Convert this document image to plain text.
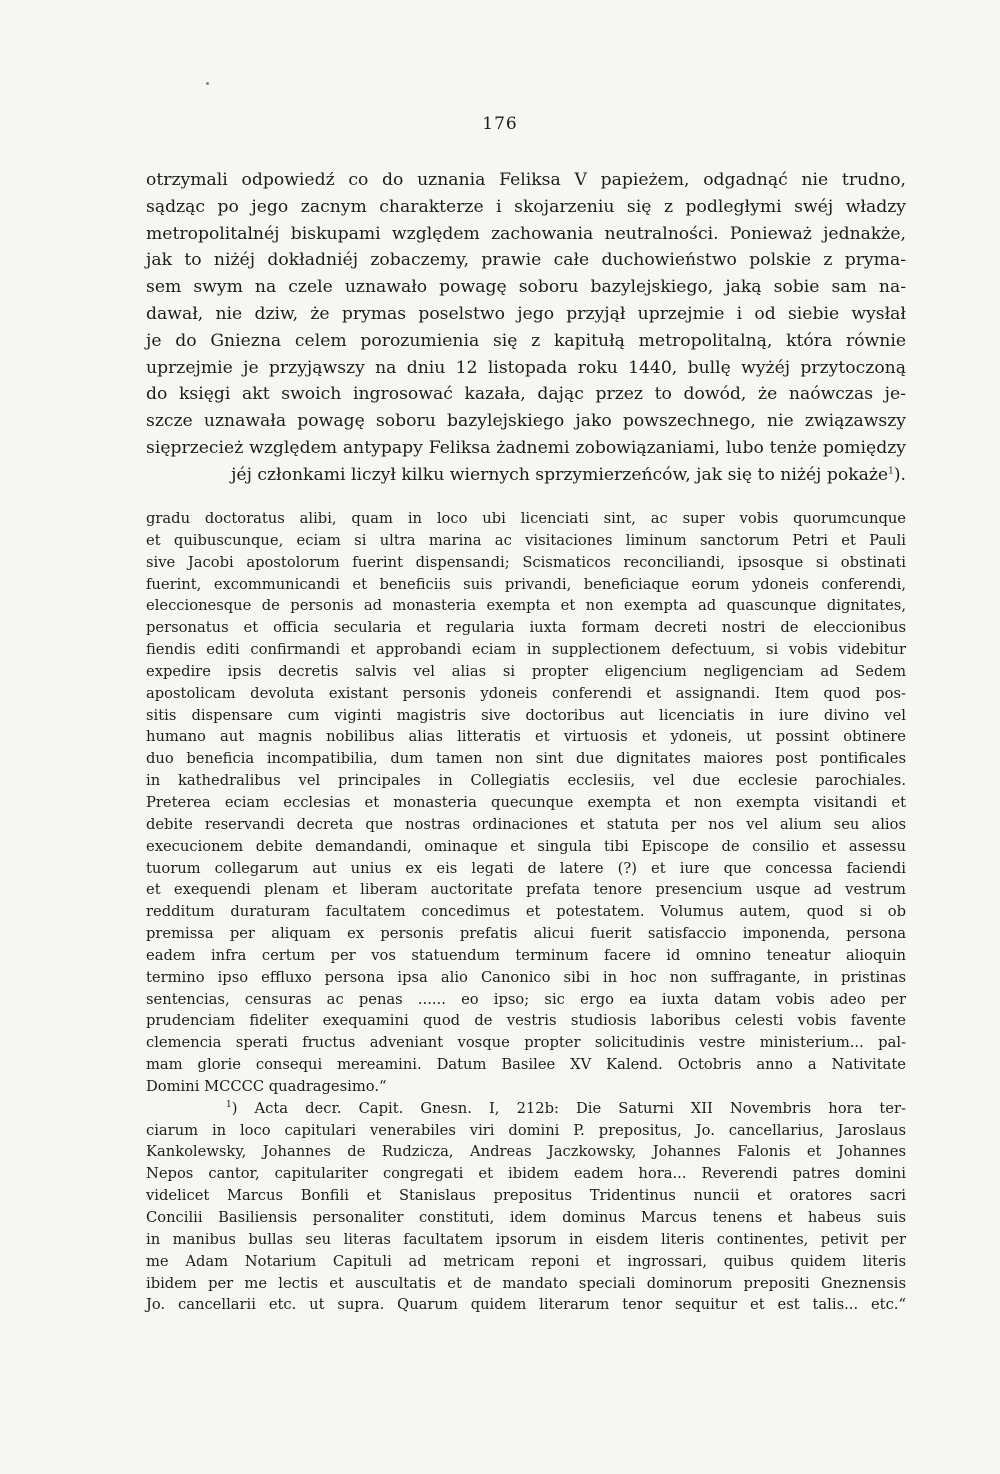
176
otrzymali odpowiedź co do uznania Feliksa V papieżem, odgadnąć nie trudno,
sądząc po jego zacnym charakterze i skojarzeniu się z podległymi swéj władzy
metropolitalnéj biskupami względem zachowania neutralności. Ponieważ jednakże,
jak to niżéj dokładniéj zobaczemy, prawie całe duchowieństwo polskie z pryma-
sem swym na czele uznawało powagę soboru bazylejskiego, jaką sobie sam na-
dawał, nie dziw, że prymas poselstwo jego przyjął uprzejmie i od siebie wysłał
je do Gniezna celem porozumienia się z kapitułą metropolitalną, która równie
uprzejmie je przyjąwszy na dniu 12 listopada roku 1440, bullę wyżéj przytoczoną
do księgi akt swoich ingrosować kazała, dając przez to dowód, że naówczas je-
szcze uznawała powagę soboru bazylejskiego jako powszechnego, nie związawszy
sięprzecież względem antypapy Feliksa żadnemi zobowiązaniami, lubo tenże pomiędzy
jéj członkami liczył kilku wiernych sprzymierzeńców, jak się to niżéj pokaże$^1$).
gradu doctoratus alibi, quam in loco ubi licenciati sint, ac super vobis quorumcunque
et quibuscunque, eciam si ultra marina ac visitaciones liminum sanctorum Petri et Pauli
sive Jacobi apostolorum fuerint dispensandi; Scismaticos reconciliandi, ipsosque si obstinati
fuerint, excommunicandi et beneficiis suis privandi, beneficiaque eorum ydoneis conferendi,
eleccionesque de personis ad monasteria exempta et non exempta ad quascunque dignitates,
personatus et officia secularia et regularia iuxta formam decreti nostri de eleccionibus
fiendis editi confirmandi et approbandi eciam in supplectionem defectuum, si vobis videbitur
expedire ipsis decretis salvis vel alias si propter eligencium negligenciam ad Sedem
apostolicam devoluta existant personis ydoneis conferendi et assignandi. Item quod pos-
sitis dispensare cum viginti magistris sive doctoribus aut licenciatis in iure divino vel
humano aut magnis nobilibus alias litteratis et virtuosis et ydoneis, ut possint obtinere
duo beneficia incompatibilia, dum tamen non sint due dignitates maiores post pontificales
in kathedralibus vel principales in Collegiatis ecclesiis, vel due ecclesie parochiales.
Preterea eciam ecclesias et monasteria quecunque exempta et non exempta visitandi et
debite reservandi decreta que nostras ordinaciones et statuta per nos vel alium seu alios
execucionem debite demandandi, ominaque et singula tibi Episcope de consilio et assessu
tuorum collegarum aut unius ex eis legati de latere (?) et iure que concessa faciendi
et exequendi plenam et liberam auctoritate prefata tenore presencium usque ad vestrum
redditum duraturam facultatem concedimus et potestatem. Volumus autem, quod si ob
premissa per aliquam ex personis prefatis alicui fuerit satisfaccio imponenda, persona
eadem infra certum per vos statuendum terminum facere id omnino teneatur alioquin
termino ipso effluxo persona ipsa alio Canonico sibi in hoc non suffragante, in pristinas
sentencias, censuras ac penas ...... eo ipso; sic ergo ea iuxta datam vobis adeo per
prudenciam fideliter exequamini quod de vestris studiosis laboribus celesti vobis favente
clemencia sperati fructus adveniant vosque propter solicitudinis vestre ministerium... pal-
mam glorie consequi mereamini. Datum Basilee XV Kalend. Octobris anno a Nativitate
Domini MCCCC quadragesimo.“
$^1$) Acta decr. Capit. Gnesn. I, 212b: Die Saturni XII Novembris hora ter-
ciarum in loco capitulari venerabiles viri domini P. prepositus, Jo. cancellarius, Jaroslaus
Kankolewsky, Johannes de Rudzicza, Andreas Jaczkowsky, Johannes Falonis et Johannes
Nepos cantor, capitulariter congregati et ibidem eadem hora... Reverendi patres domini
videlicet Marcus Bonfili et Stanislaus prepositus Tridentinus nuncii et oratores sacri
Concilii Basiliensis personaliter constituti, idem dominus Marcus tenens et habeus suis
in manibus bullas seu literas facultatem ipsorum in eisdem literis continentes, petivit per
me Adam Notarium Capituli ad metricam reponi et ingrossari, quibus quidem literis
ibidem per me lectis et auscultatis et de mandato speciali dominorum prepositi Gneznensis
Jo. cancellarii etc. ut supra. Quarum quidem literarum tenor sequitur et est talis... etc.“
